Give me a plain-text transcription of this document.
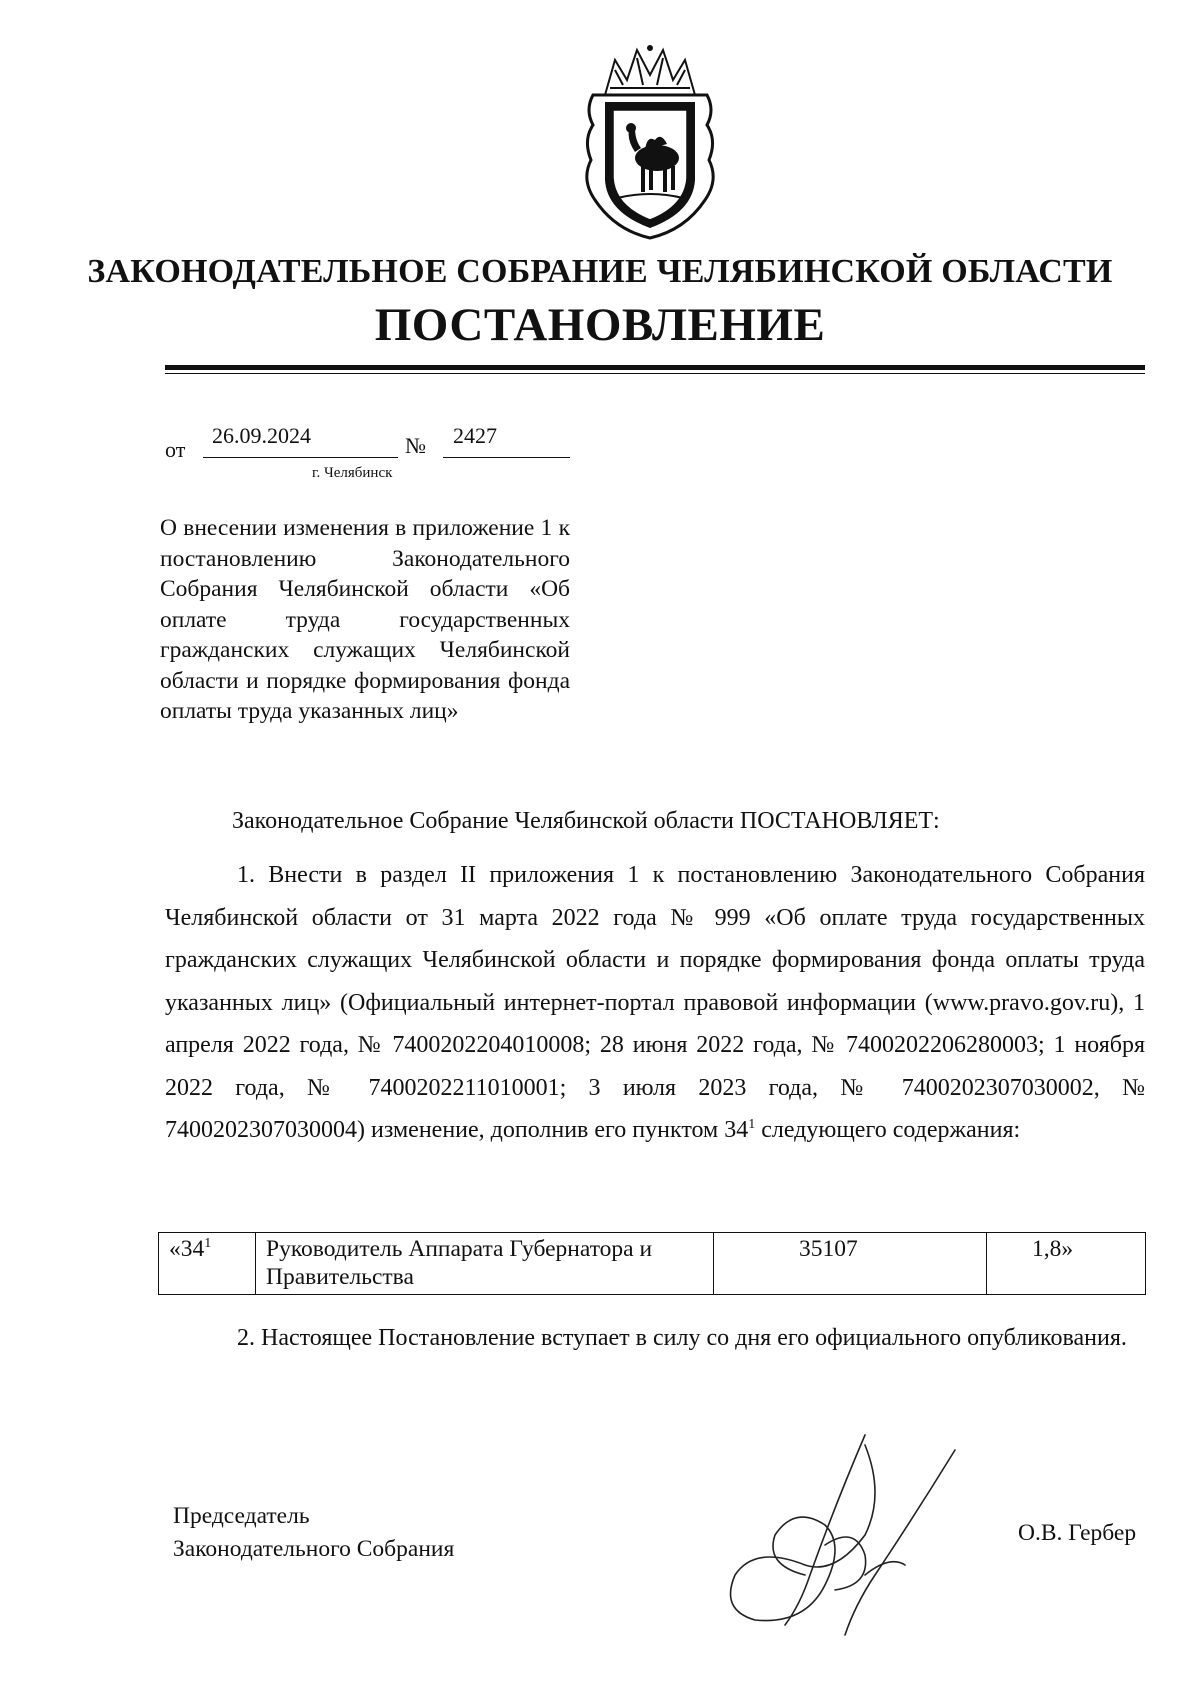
ЗАКОНОДАТЕЛЬНОЕ СОБРАНИЕ ЧЕЛЯБИНСКОЙ ОБЛАСТИ
ПОСТАНОВЛЕНИЕ
от
26.09.2024	№ 2427
г. Челябинск
О внесении изменения в приложение 1 к постановлению Законодательного Собрания Челябинской области «Об оплате труда государственных гражданских служащих Челябинской области и порядке формирования фонда оплаты труда указанных лиц»
Законодательное Собрание Челябинской области ПОСТАНОВЛЯЕТ:
1. Внести в раздел II приложения 1 к постановлению Законодательного Собрания Челябинской области от 31 марта 2022 года № 999 «Об оплате труда государственных гражданских служащих Челябинской области и порядке формирования фонда оплаты труда указанных лиц» (Официальный интернет-портал правовой информации (www.pravo.gov.ru), 1 апреля 2022 года, № 7400202204010008; 28 июня 2022 года, № 7400202206280003; 1 ноября 2022 года, № 7400202211010001; 3 июля 2023 года, № 7400202307030002, № 7400202307030004) изменение, дополнив его пунктом $34^1$ следующего содержания:
«$34^1$	Руководитель Аппарата Губернатора и Правительства	35107	1,8»
2. Настоящее Постановление вступает в силу со дня его официального опубликования.
Председатель
Законодательного Собрания
О.В. Гербер
